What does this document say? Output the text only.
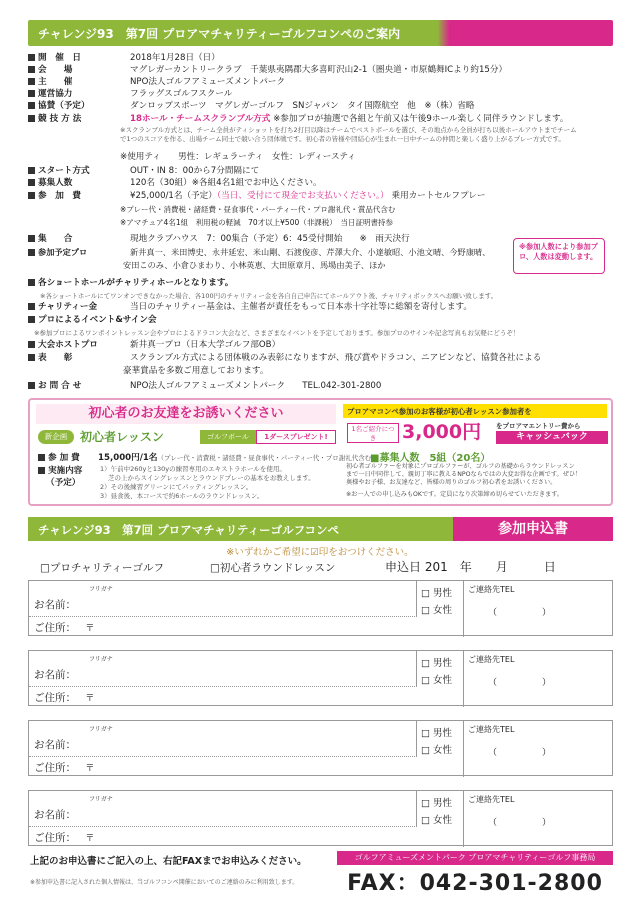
チャレンジ93　第7回 プロアマチャリティーゴルフコンペのご案内
開　催　日	2018年1月28日（日）
会　　場	マグレガーカントリークラブ　千葉県夷隅郡大多喜町沢山2-1（圏央道・市原鶴舞ICより約15分）
主　　催	NPO法人ゴルフアミューズメントパーク
運営協力	フラッグスゴルフスクール
協賛（予定）	ダンロップスポーツ　マグレガーゴルフ　SNジャパン　タイ国際航空　他　※（株）省略
競 技 方 法	18ホール・チームスクランブル方式 ※参加プロが抽選で各組と午前又は午後9ホール楽しく同伴ラウンドします。
※スクランブル方式とは、チーム全員がティショットを打ち2打目以降はチームでベストボールを選び、その地点から全員が打ち以後ホールアウトまでチーム
で1つのスコアを作る、出場チーム同士で競い合う団体戦です。初心者の皆様や団結心が生まれ一日中チームの仲間と楽しく盛り上がるプレー方式です。
※使用ティ　　男性：レギュラーティ　女性：レディースティ
スタート方式	OUT・IN 8：00から7分間隔にて
募集人数	120名（30組）※各組4名1組でお申込ください。
参　加　費	¥25,000/1名（予定）（当日、受付にて現金でお支払いください。） 乗用カートセルフプレー
※プレー代・消費税・諸経費・昼食事代・パーティー代・プロ謝礼代・賞品代含む
※アマチュア4名1組　利用税の軽減　70才以上¥500（非課税）　当日証明書持参
集　　合	現地クラブハウス　7：00集合（予定）6：45受付開始　　※　雨天決行
参加予定プロ	新井真一、米田博史、永井延宏、米山剛、石渡俊彦、芹澤大介、小達敏昭、小池文晴、今野康晴、
安田このみ、小倉ひまわり、小林英恵、大田原章月、馬場由美子、ほか
※参加人数により参加プロ、人数は変動します。
各ショートホールがチャリティホールとなります。
※各ショートホールにてワンオンできなかった場合、各100円のチャリティー金を各自自己申告にてホールアウト後、チャリティボックスへお願い致します。
チャリティー金	当日のチャリティー基金は、主催者が責任をもって日本赤十字社等に総額を寄付します。
プロによるイベント&サイン会
※参加プロによるワンポイントレッスン会やプロによるドラコン大会など、さまざまなイベントを予定しております。参加プロのサインや記念写真もお気軽にどうぞ！
大会ホストプロ	新井真一プロ（日本大学ゴルフ部OB）
表　　彰	スクランブル方式による団体戦のみ表彰になりますが、飛び賞やドラコン、ニアピンなど、協賛各社による
豪華賞品を多数ご用意しております。
お 問 合 せ	NPO法人ゴルフアミューズメントパーク　　TEL.042-301-2800
初心者のお友達をお誘いください
新企画	初心者レッスン	ゴルフボール	1ダースプレゼント!
参 加 費 15,000円/1名（プレー代・消費税・諸経費・昼食事代・パーティー代・プロ謝礼代含む）
実施内容
（予定）
1）午前中260yと130yの練習専用のエキストラホールを使用。
芝の上からスイングレッスンとラウンドプレーの基本をお教えします。
2）その後練習グリーンにてパッティングレッスン。
3）昼食後、本コースで約6ホールのラウンドレッスン。
プロアマコンペ参加のお客様が初心者レッスン参加者を
1名ご紹介につき	3,000円	をプロアマエントリー費から
キャッシュバック
■募集人数　5組（20名）
初心者ゴルファーを対象にプロゴルファーが、ゴルフの基礎からラウンドレッスン
まで一日中同伴して、親切丁寧に教えるNPOならではの大変お得な企画です。ぜひ！
奥様やお子様、お友達など、皆様の周りのゴルフ初心者をお誘いください。
※お一人での申し込みもOKです。定員になり次第締め切らせていただきます。
チャレンジ93　第7回 プロアマチャリティーゴルフコンペ	参加申込書
※いずれかご希望に☑印をおつけください。
□プロチャリティーゴルフ	□初心者ラウンドレッスン	申込日 201　 年　　 月　　　	日
フリガナ
お名前：
□ 男性
□ 女性
ご連絡先TEL
（　　　　　）
ご住所： 〒
フリガナ
お名前：
□ 男性
□ 女性
ご連絡先TEL
（　　　　　）
ご住所： 〒
フリガナ
お名前：
□ 男性
□ 女性
ご連絡先TEL
（　　　　　）
ご住所： 〒
フリガナ
お名前：
□ 男性
□ 女性
ご連絡先TEL
（　　　　　）
ご住所： 〒
上記のお申込書にご記入の上、右記FAXまでお申込みください。
※参加申込書に記入された個人情報は、当ゴルフコンペ開催においてのご連絡のみに利用致します。
ゴルフアミューズメントパーク プロアマチャリティーゴルフ事務局
FAX：042-301-2800
